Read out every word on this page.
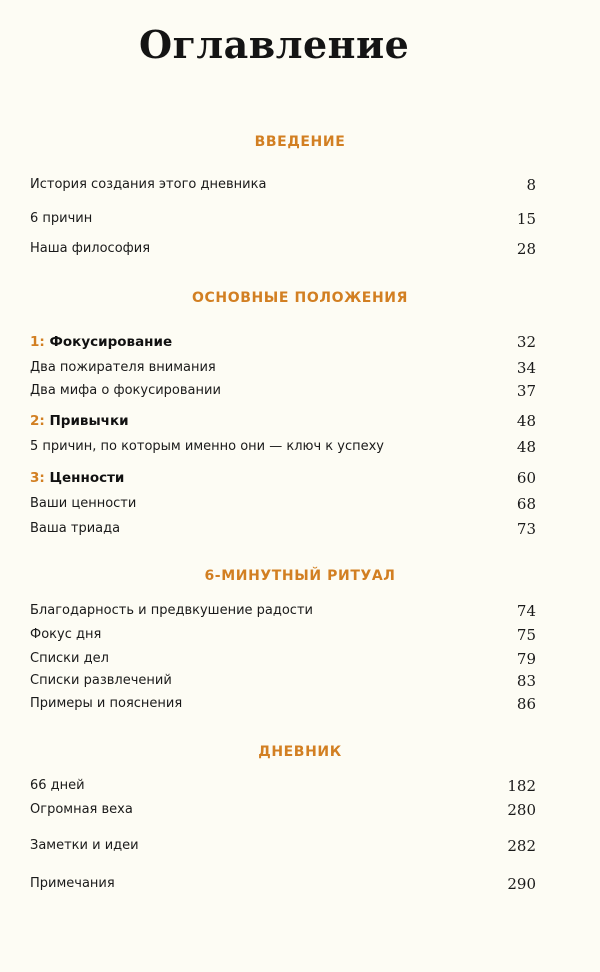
Оглавление
ВВЕДЕНИЕ
История создания этого дневника	8
6 причин	15
Наша философия	28
ОСНОВНЫЕ ПОЛОЖЕНИЯ
1: Фокусирование	32
Два пожирателя внимания	34
Два мифа о фокусировании	37
2: Привычки	48
5 причин, по которым именно они — ключ к успеху	48
3: Ценности	60
Ваши ценности	68
Ваша триада	73
6-МИНУТНЫЙ РИТУАЛ
Благодарность и предвкушение радости	74
Фокус дня	75
Списки дел	79
Списки развлечений	83
Примеры и пояснения	86
ДНЕВНИК
66 дней	182
Огромная веха	280
Заметки и идеи	282
Примечания	290
